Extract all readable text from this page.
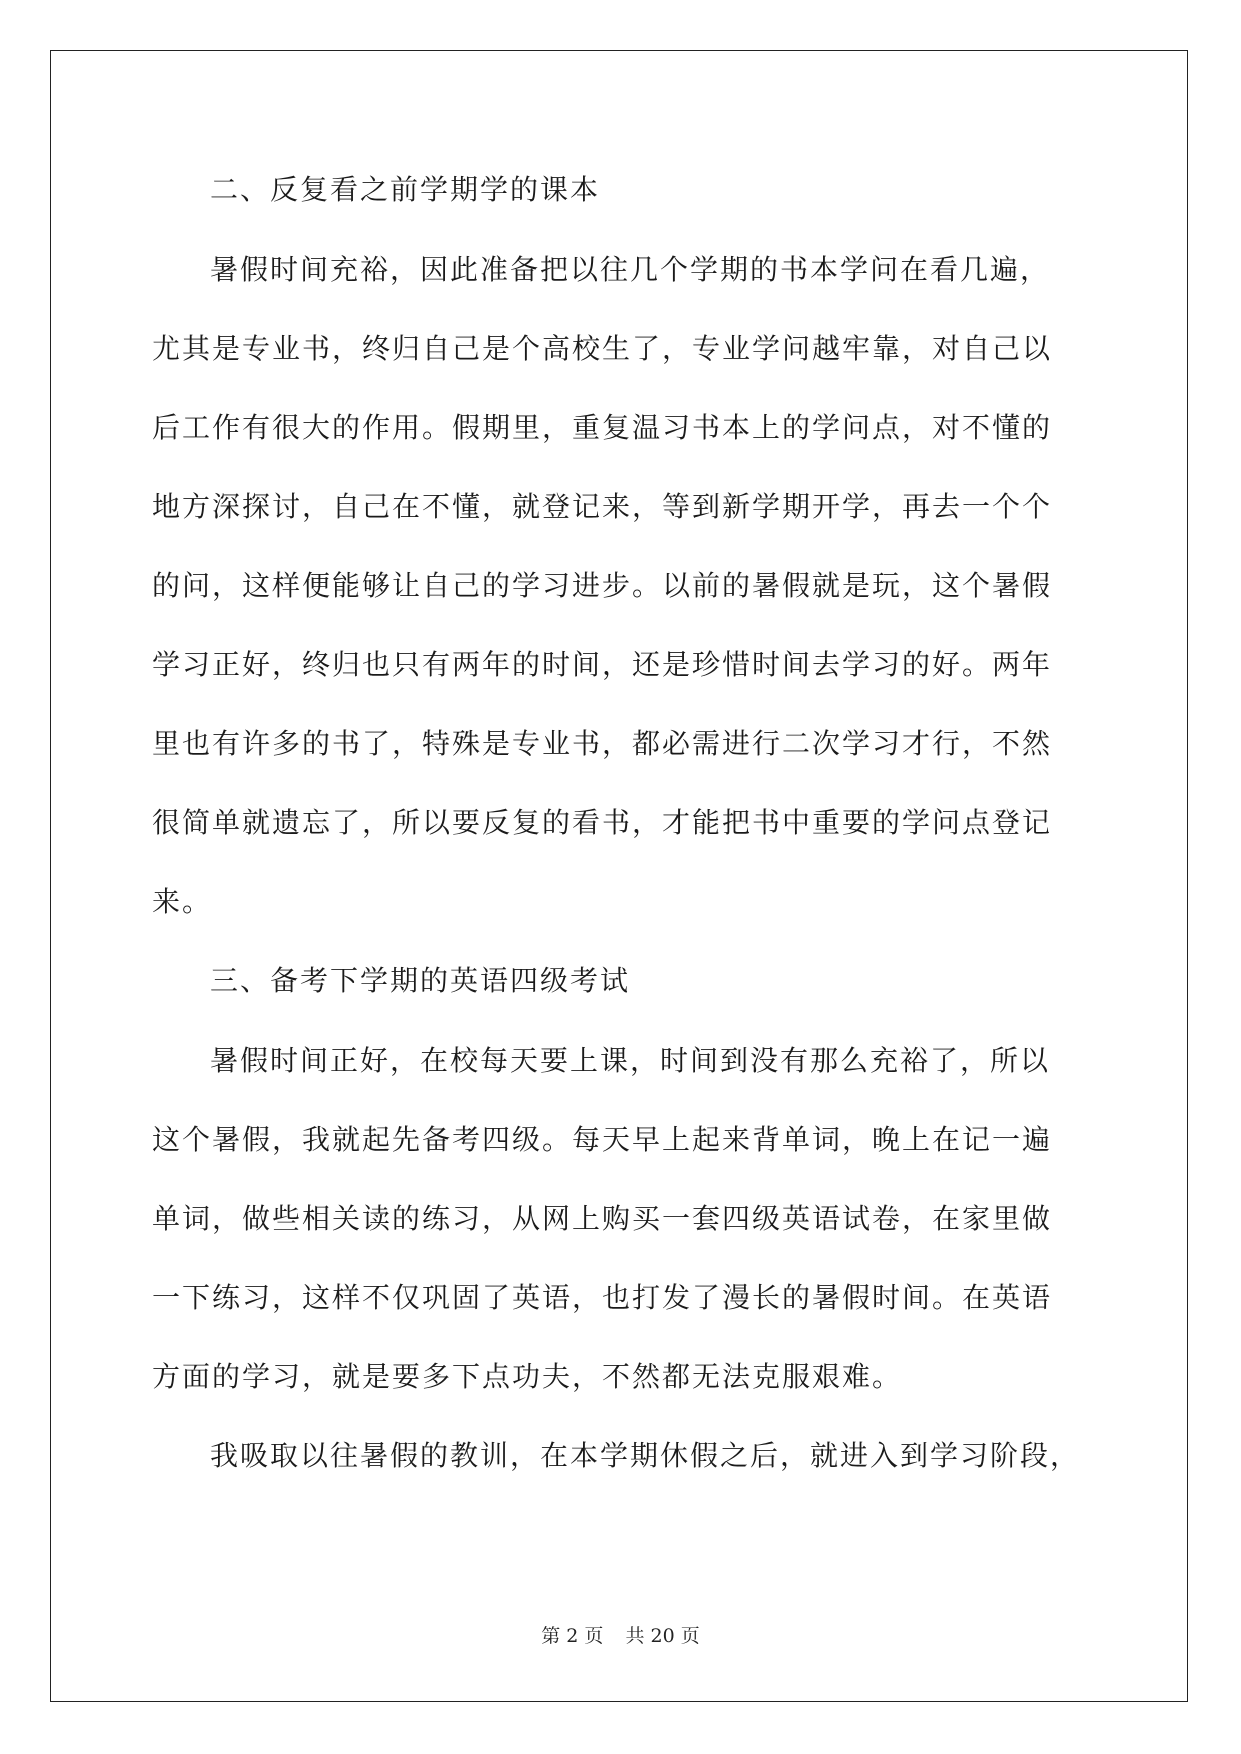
二、反复看之前学期学的课本

暑假时间充裕，因此准备把以往几个学期的书本学问在看几遍，
尤其是专业书，终归自己是个高校生了，专业学问越牢靠，对自己以
后工作有很大的作用。假期里，重复温习书本上的学问点，对不懂的
地方深探讨，自己在不懂，就登记来，等到新学期开学，再去一个个
的问，这样便能够让自己的学习进步。以前的暑假就是玩，这个暑假
学习正好，终归也只有两年的时间，还是珍惜时间去学习的好。两年
里也有许多的书了，特殊是专业书，都必需进行二次学习才行，不然
很简单就遗忘了，所以要反复的看书，才能把书中重要的学问点登记
来。

三、备考下学期的英语四级考试

暑假时间正好，在校每天要上课，时间到没有那么充裕了，所以
这个暑假，我就起先备考四级。每天早上起来背单词，晚上在记一遍
单词，做些相关读的练习，从网上购买一套四级英语试卷，在家里做
一下练习，这样不仅巩固了英语，也打发了漫长的暑假时间。在英语
方面的学习，就是要多下点功夫，不然都无法克服艰难。

我吸取以往暑假的教训，在本学期休假之后，就进入到学习阶段，

第 2 页 共 20 页
